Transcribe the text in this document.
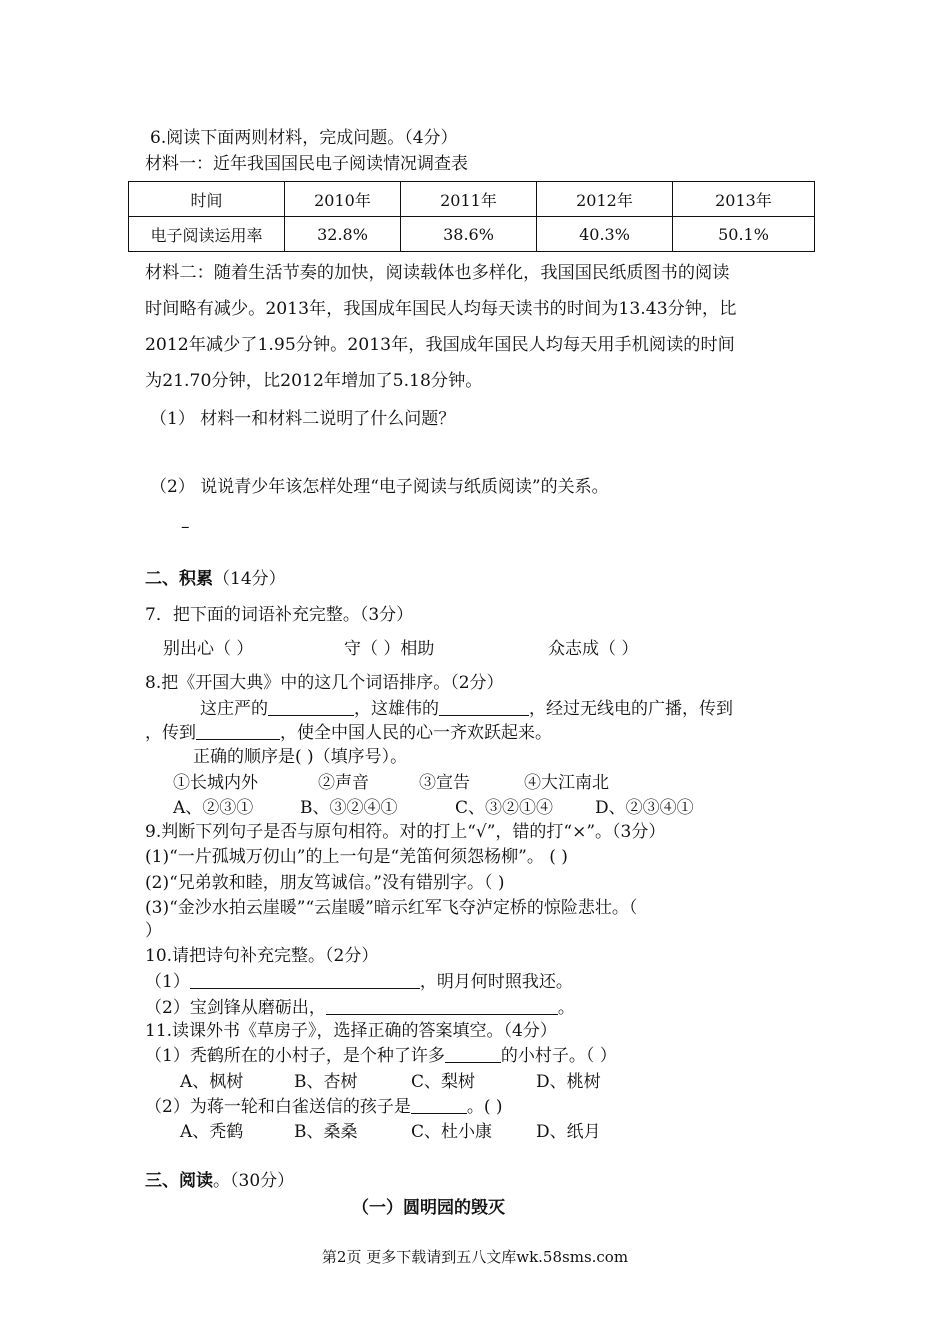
6.阅读下面两则材料，完成问题。（4分）
材料一：近年我国国民电子阅读情况调查表
时间	2010年	2011年	2012年	2013年
电子阅读运用率	32.8%	38.6%	40.3%	50.1%
材料二：随着生活节奏的加快，阅读载体也多样化，我国国民纸质图书的阅读
时间略有减少。2013年，我国成年国民人均每天读书的时间为13.43分钟，比
2012年减少了1.95分钟。2013年，我国成年国民人均每天用手机阅读的时间
为21.70分钟，比2012年增加了5.18分钟。
（1） 材料一和材料二说明了什么问题？
（2） 说说青少年该怎样处理“电子阅读与纸质阅读”的关系。
–
二、积累（14分）
7．把下面的词语补充完整。（3分）
别出心（ ）	守（ ）相助	众志成（ ）
8.把《开国大典》中的这几个词语排序。（2分）
这庄严的	，这雄伟的	，经过无线电的广播，传到
，传到	，使全中国人民的心一齐欢跃起来。
正确的顺序是( )（填序号）。
①长城内外	②声音	③宣告	④大江南北
A、②③①	B、③②④①	C、③②①④ D、②③④①
9.判断下列句子是否与原句相符。对的打上“√”，错的打“×”。（3分）
(1)“一片孤城万仞山”的上一句是“羌笛何须怨杨柳”。 ( )
(2)“兄弟敦和睦，朋友笃诚信。”没有错别字。（ )
(3)“金沙水拍云崖暖”“云崖暖”暗示红军飞夺泸定桥的惊险悲壮。（
）
10.请把诗句补充完整。（2分）
（1）	，明月何时照我还。
（2）宝剑锋从磨砺出，	。
11.读课外书《草房子》，选择正确的答案填空。（4分）
（1）秃鹤所在的小村子，是个种了许多	的小村子。（ ）
A、枫树	B、杏树	C、梨树	D、桃树
（2）为蒋一轮和白雀送信的孩子是	。( )
A、秃鹤	B、桑桑	C、杜小康	D、纸月
三、阅读。（30分）
（一）圆明园的毁灭
第2页 更多下载请到五八文库wk.58sms.com
